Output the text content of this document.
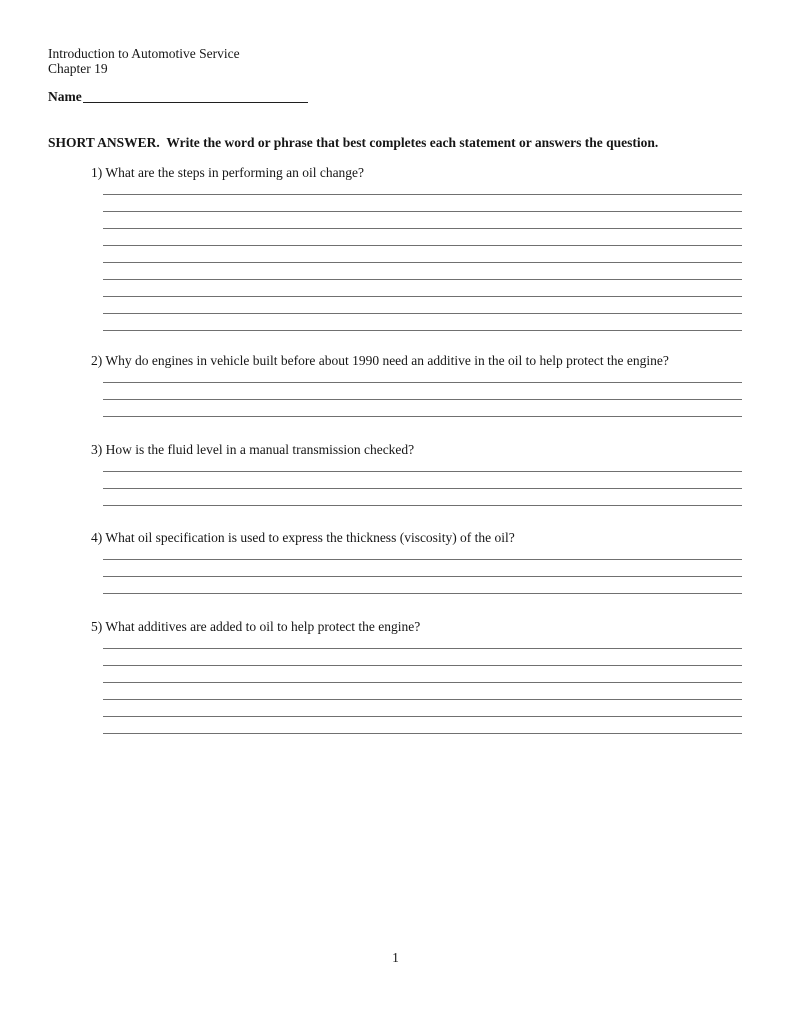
Introduction to Automotive Service
Chapter 19
Name
SHORT ANSWER.  Write the word or phrase that best completes each statement or answers the question.
1) What are the steps in performing an oil change?
2) Why do engines in vehicle built before about 1990 need an additive in the oil to help protect the engine?
3) How is the fluid level in a manual transmission checked?
4) What oil specification is used to express the thickness (viscosity) of the oil?
5) What additives are added to oil to help protect the engine?
1
